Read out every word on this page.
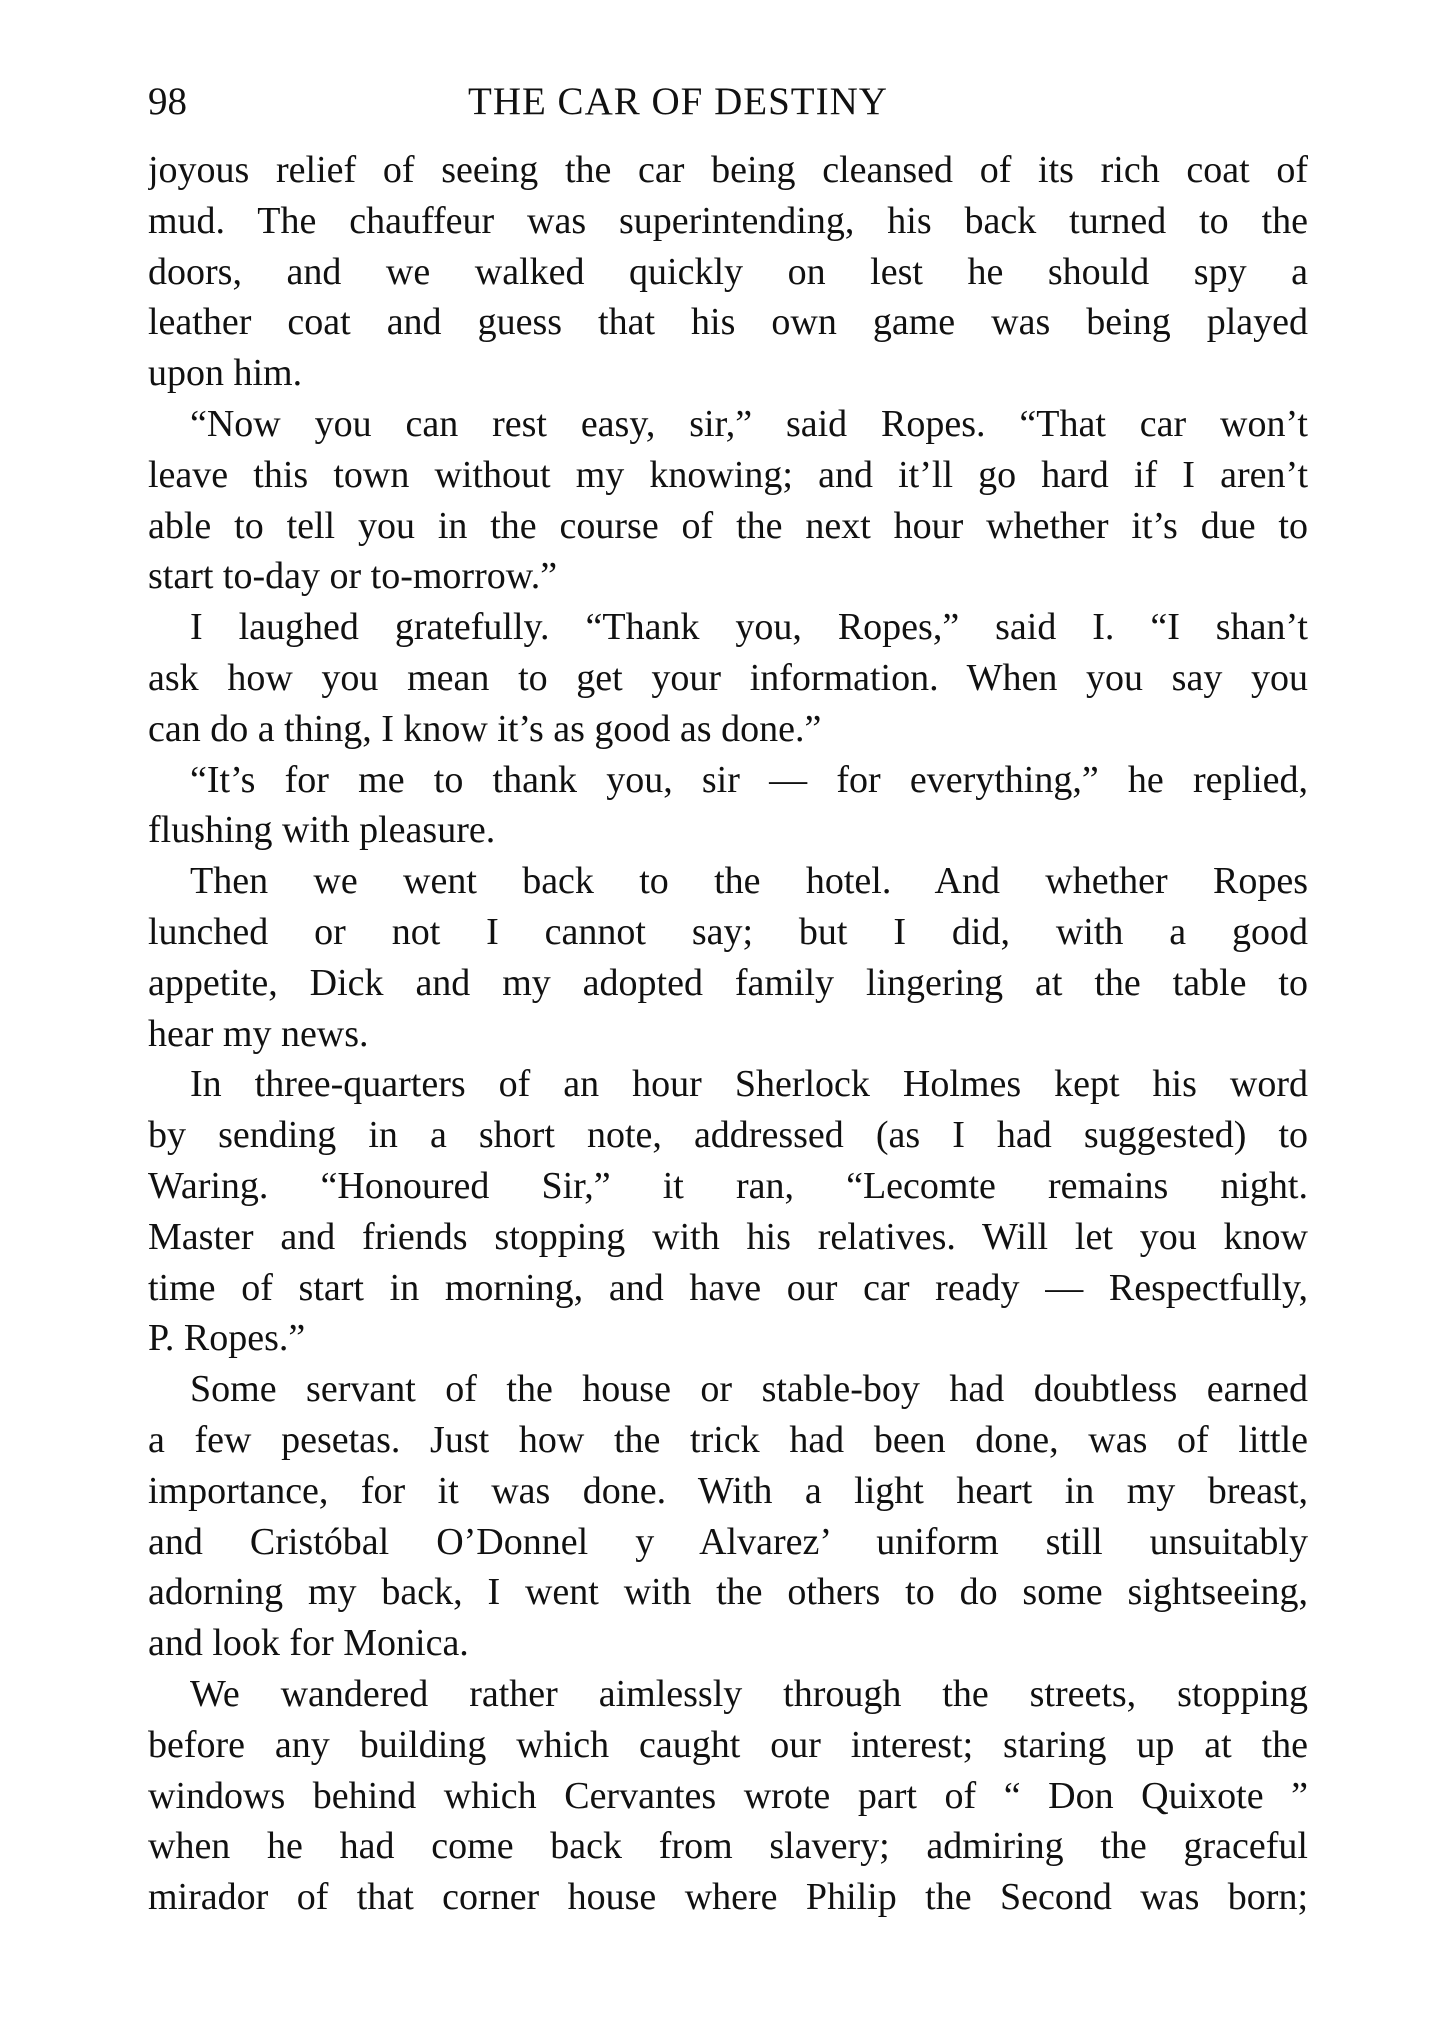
98	THE CAR OF DESTINY
joyous relief of seeing the car being cleansed of its rich coat of
mud. The chauffeur was superintending, his back turned to the
doors, and we walked quickly on lest he should spy a
leather coat and guess that his own game was being played
upon him.
“Now you can rest easy, sir,” said Ropes. “That car won’t
leave this town without my knowing; and it’ll go hard if I aren’t
able to tell you in the course of the next hour whether it’s due to
start to-day or to-morrow.”
I laughed gratefully. “Thank you, Ropes,” said I. “I shan’t
ask how you mean to get your information. When you say you
can do a thing, I know it’s as good as done.”
“It’s for me to thank you, sir — for everything,” he replied,
flushing with pleasure.
Then we went back to the hotel. And whether Ropes
lunched or not I cannot say; but I did, with a good
appetite, Dick and my adopted family lingering at the table to
hear my news.
In three-quarters of an hour Sherlock Holmes kept his word
by sending in a short note, addressed (as I had suggested) to
Waring. “Honoured Sir,” it ran, “Lecomte remains night.
Master and friends stopping with his relatives. Will let you know
time of start in morning, and have our car ready — Respectfully,
P. Ropes.”
Some servant of the house or stable-boy had doubtless earned
a few pesetas. Just how the trick had been done, was of little
importance, for it was done. With a light heart in my breast,
and Cristóbal O’Donnel y Alvarez’ uniform still unsuitably
adorning my back, I went with the others to do some sightseeing,
and look for Monica.
We wandered rather aimlessly through the streets, stopping
before any building which caught our interest; staring up at the
windows behind which Cervantes wrote part of “ Don Quixote ”
when he had come back from slavery; admiring the graceful
mirador of that corner house where Philip the Second was born;
